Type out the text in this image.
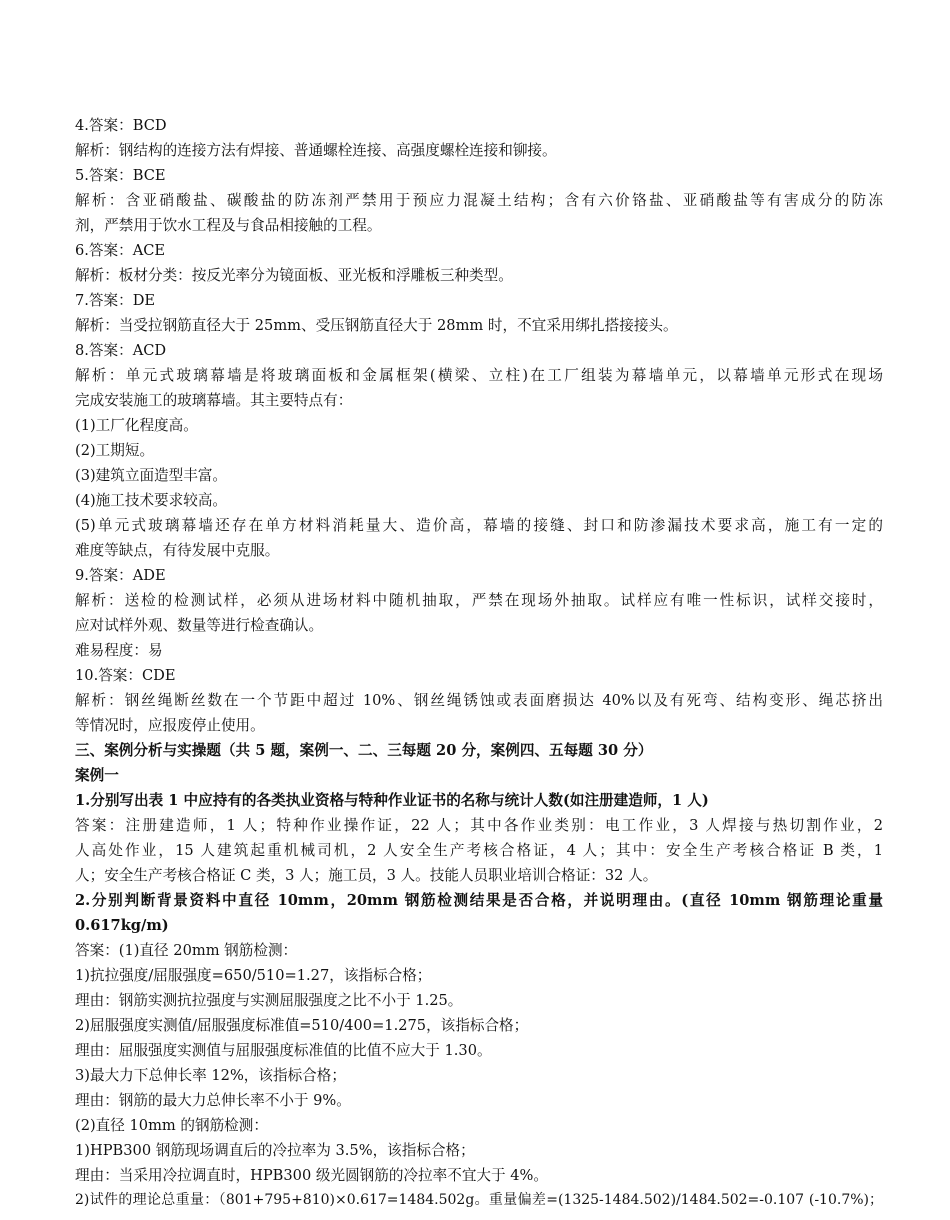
4.答案：BCD
解析：钢结构的连接方法有焊接、普通螺栓连接、高强度螺栓连接和铆接。
5.答案：BCE
解析：含亚硝酸盐、碳酸盐的防冻剂严禁用于预应力混凝土结构；含有六价铬盐、亚硝酸盐等有害成分的防冻
剂，严禁用于饮水工程及与食品相接触的工程。
6.答案：ACE
解析：板材分类：按反光率分为镜面板、亚光板和浮雕板三种类型。
7.答案：DE
解析：当受拉钢筋直径大于 25mm、受压钢筋直径大于 28mm 时，不宜采用绑扎搭接接头。
8.答案：ACD
解析：单元式玻璃幕墙是将玻璃面板和金属框架(横梁、立柱)在工厂组装为幕墙单元，以幕墙单元形式在现场
完成安装施工的玻璃幕墙。其主要特点有：
(1)工厂化程度高。
(2)工期短。
(3)建筑立面造型丰富。
(4)施工技术要求较高。
(5)单元式玻璃幕墙还存在单方材料消耗量大、造价高，幕墙的接缝、封口和防渗漏技术要求高，施工有一定的
难度等缺点，有待发展中克服。
9.答案：ADE
解析：送检的检测试样，必须从进场材料中随机抽取，严禁在现场外抽取。试样应有唯一性标识，试样交接时，
应对试样外观、数量等进行检查确认。
难易程度：易
10.答案：CDE
解析：钢丝绳断丝数在一个节距中超过 10%、钢丝绳锈蚀或表面磨损达 40%以及有死弯、结构变形、绳芯挤出
等情况时，应报废停止使用。
三、案例分析与实操题（共 5 题，案例一、二、三每题 20 分，案例四、五每题 30 分）
案例一
1.分别写出表 1 中应持有的各类执业资格与特种作业证书的名称与统计人数(如注册建造师，1 人)
答案：注册建造师，1 人；特种作业操作证，22 人；其中各作业类别：电工作业，3 人焊接与热切割作业，2
人高处作业，15 人建筑起重机械司机，2 人安全生产考核合格证，4 人；其中：安全生产考核合格证 B 类，1
人；安全生产考核合格证 C 类，3 人；施工员，3 人。技能人员职业培训合格证：32 人。
2.分别判断背景资料中直径 10mm，20mm 钢筋检测结果是否合格，并说明理由。(直径 10mm 钢筋理论重量
0.617kg/m)
答案：(1)直径 20mm 钢筋检测：
1)抗拉强度/屈服强度=650/510=1.27，该指标合格；
理由：钢筋实测抗拉强度与实测屈服强度之比不小于 1.25。
2)屈服强度实测值/屈服强度标准值=510/400=1.275，该指标合格；
理由：屈服强度实测值与屈服强度标准值的比值不应大于 1.30。
3)最大力下总伸长率 12%，该指标合格；
理由：钢筋的最大力总伸长率不小于 9%。
(2)直径 10mm 的钢筋检测：
1)HPB300 钢筋现场调直后的冷拉率为 3.5%，该指标合格；
理由：当采用冷拉调直时，HPB300 级光圆钢筋的冷拉率不宜大于 4%。
2)试件的理论总重量：（801+795+810)×0.617=1484.502g。重量偏差=(1325-1484.502)/1484.502=-0.107 (-10.7%)；
